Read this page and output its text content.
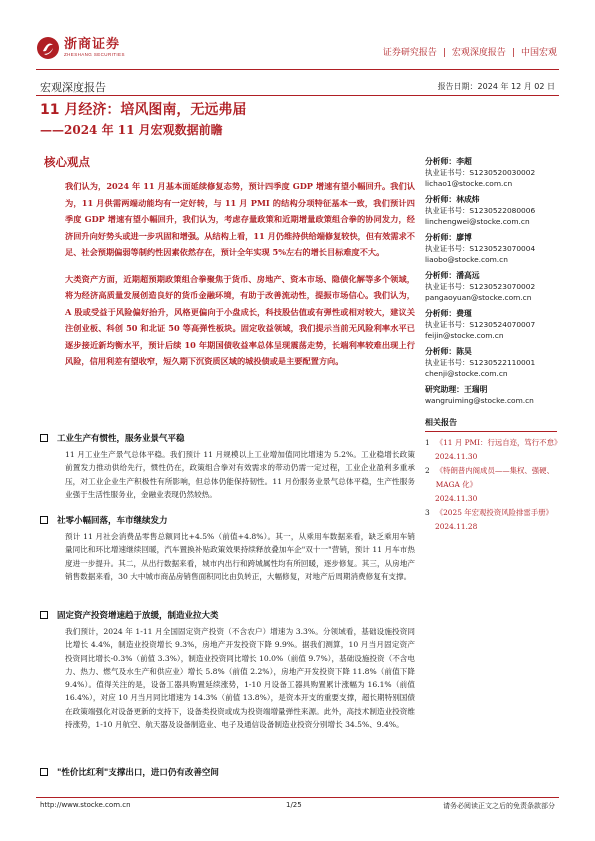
浙商证券
ZHESHANG SECURITIES	证券研究报告 | 宏观深度报告 | 中国宏观
宏观深度报告	报告日期：2024 年 12 月 02 日
11 月经济：培风图南，无远弗届
——2024 年 11 月宏观数据前瞻
核心观点

我们认为，2024 年 11 月基本面延续修复态势，预计四季度 GDP 增速有望小幅回升。我们认为，11 月供需两端动能均有一定好转，与 11 月 PMI 的结构分项特征基本一致，我们预计四季度 GDP 增速有望小幅回升，我们认为，考虑存量政策和近期增量政策组合拳的协同发力，经济回升向好势头或进一步巩固和增强。从结构上看，11 月仍维持供给端修复较快，但有效需求不足、社会预期偏弱等制约性因素依然存在，预计全年实现 5%左右的增长目标难度不大。

大类资产方面，近期超预期政策组合拳聚焦于货币、房地产、资本市场、隐债化解等多个领域，将为经济高质量发展创造良好的货币金融环境，有助于改善流动性，提振市场信心。我们认为，A 股或受益于风险偏好抬升，风格更偏向于小盘成长，科技股估值或有弹性或相对较大，建议关注创业板、科创 50 和北证 50 等高弹性板块。固定收益领域，我们提示当前无风险利率水平已逐步接近新均衡水平，预计后续 10 年期国债收益率总体呈现震荡走势，长端利率较难出现上行风险，信用利差有望收窄，短久期下沉资质区域的城投债或是主要配置方向。

工业生产有惯性，服务业景气平稳
11 月工业生产景气总体平稳。我们预计 11 月规模以上工业增加值同比增速为 5.2%。工业稳增长政策前置发力推动供给先行，惯性仍在，政策组合拳对有效需求的带动仍需一定过程，工业企业盈利多重承压，对工业企业生产积极性有所影响，但总体仍能保持韧性。11 月份服务业景气总体平稳，生产性服务业强于生活性服务业，金融业表现仍然较热。
社零小幅回落，车市继续发力
预计 11 月社会消费品零售总额同比+4.5%（前值+4.8%）。其一，从乘用车数据来看，缺乏乘用车销量同比和环比增速继续回暖，汽车置换补贴政策效果持续释放叠加车企"双十一"营销，预计 11 月车市热度进一步提升。其二，从出行数据来看，城市内出行和跨城属性均有所回暖，逐步修复。其三，从房地产销售数据来看，30 大中城市商品房销售面积同比由负转正，大幅修复，对地产后周期消费修复有支撑。
固定资产投资增速趋于放缓，制造业拉大类
我们预计，2024 年 1-11 月全国固定资产投资（不含农户）增速为 3.3%。分领域看，基础设施投资同比增长 4.4%，制造业投资增长 9.3%，房地产开发投资下降 9.9%。据我们测算，10 月当月固定资产投资同比增长-0.3%（前值 3.3%），制造业投资同比增长 10.0%（前值 9.7%），基础设施投资（不含电力、热力、燃气及水生产和供应业）增长 5.8%（前值 2.2%），房地产开发投资下降 11.8%（前值下降 9.4%）。值得关注的是，设备工器具购置延续涨势，1-10 月设备工器具购置累计涨幅为 16.1%（前值 16.4%），对应 10 月当月同比增速为 14.3%（前值 13.8%），是资本开支的重要支撑，超长期特别国债在政策端强化对设备更新的支持下，设备类投资或成为投资端增量弹性来源。此外，高技术制造业投资维持涨势，1-10 月航空、航天器及设备制造业、电子及通信设备制造业投资分别增长 34.5%、9.4%。
"性价比红利"支撑出口，进口仍有改善空间
分析师：李超
执业证书号：S1230520030002
lichao1@stocke.com.cn
分析师：林成炜
执业证书号：S1230522080006
linchengwei@stocke.com.cn
分析师：廖博
执业证书号：S1230523070004
liaobo@stocke.com.cn
分析师：潘高远
执业证书号：S1230523070002
pangaoyuan@stocke.com.cn
分析师：费瑾
执业证书号：S1230524070007
feijin@stocke.com.cn
分析师：陈昊
执业证书号：S1230522110001
chenji@stocke.com.cn
研究助理：王瑞明
wangruiming@stocke.com.cn
相关报告
1 《11 月 PMI：行远自迩，笃行不怠》
2024.11.30
2 《特朗普内阁成员——集权、强硬、MAGA 化》
2024.11.30
3 《2025 年宏观投资风险排雷手册》
2024.11.28
http://www.stocke.com.cn	1/25	请务必阅读正文之后的免责条款部分
